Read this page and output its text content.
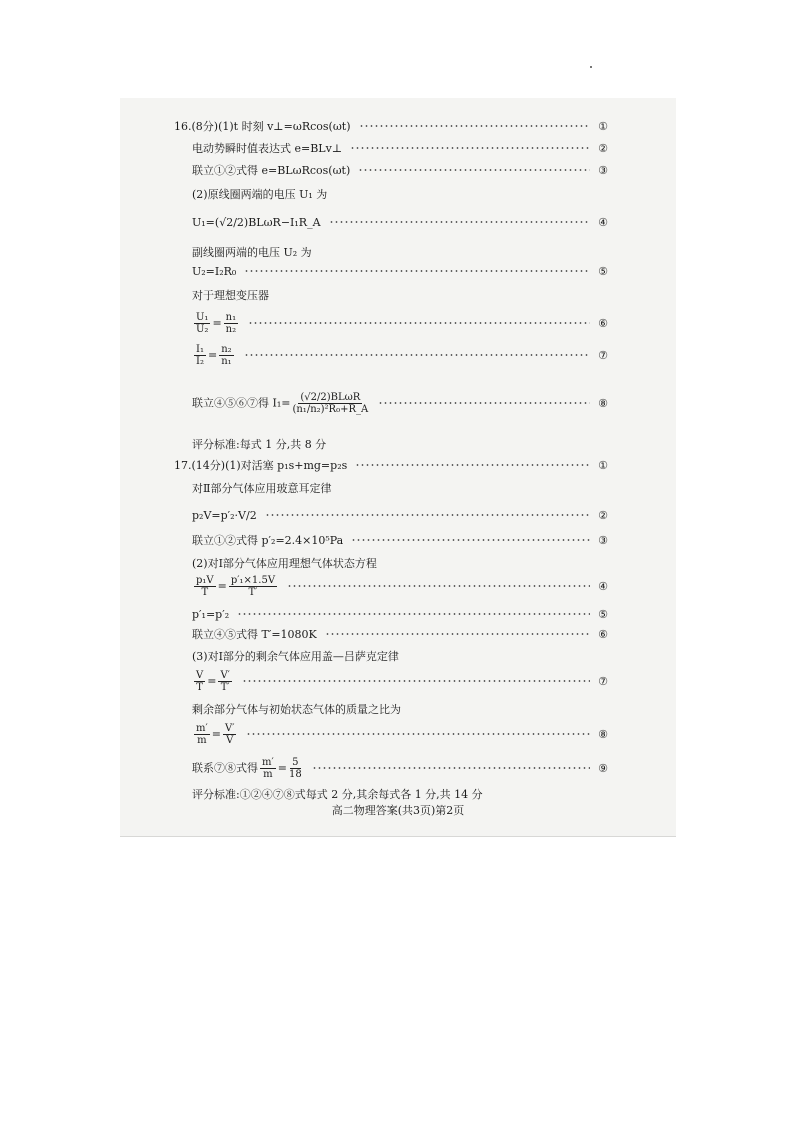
16.(8分)(1)t 时刻 v⊥=ωRcos(ωt)	①
电动势瞬时值表达式 e=BLv⊥	②
联立①②式得 e=BLωRcos(ωt)	③
(2)原线圈两端的电压 U₁ 为
U₁=(√2/2)BLωR−I₁R_A	④
副线圈两端的电压 U₂ 为
U₂=I₂R₀	⑤
对于理想变压器
$\frac{\text{U₁}}{\text{U₂}} = \frac{\text{n₁}}{\text{n₂}}$	⑥
$\frac{\text{I₁}}{\text{I₂}} = \frac{\text{n₂}}{\text{n₁}}$	⑦
联立④⑤⑥⑦得 $I_1= \frac{\text{(√2/2)BLωR}}{\text{(n₁/n₂)²R₀+R\_A}}$	⑧
评分标准:每式 1 分,共 8 分
17.(14分)(1)对活塞 p₁s+mg=p₂s	①
对Ⅱ部分气体应用玻意耳定律
p₂V=p′₂·V/2	②
联立①②式得 p′₂=2.4×10⁵Pa	③
(2)对Ⅰ部分气体应用理想气体状态方程
$\frac{\text{p₁V}}{T} = \frac{\text{p′₁×1.5V}}{T'}$	④
p′₁=p′₂	⑤
联立④⑤式得 T′=1080K	⑥
(3)对Ⅰ部分的剩余气体应用盖—吕萨克定律
$\frac{V}{T} = \frac{V'}{T'}$	⑦
剩余部分气体与初始状态气体的质量之比为
$\frac{m'}{m} = \frac{V'}{V}$	⑧
联系⑦⑧式得 $\frac{m'}{m} = \frac{5}{18}$	⑨
评分标准:①②④⑦⑧式每式 2 分,其余每式各 1 分,共 14 分
高二物理答案(共3页)第2页
